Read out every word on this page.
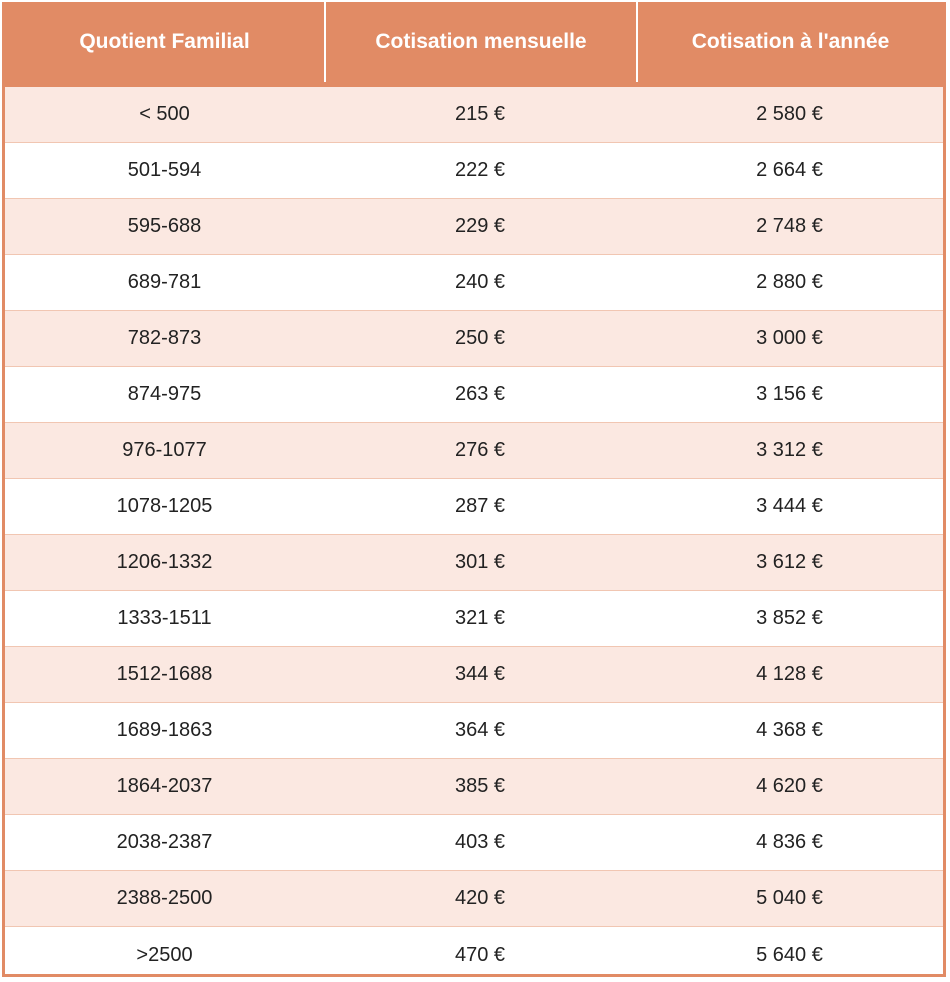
Quotient Familial	Cotisation mensuelle	Cotisation à l'année
< 500	215 €	2 580 €
501-594	222 €	2 664 €
595-688	229 €	2 748 €
689-781	240 €	2 880 €
782-873	250 €	3 000 €
874-975	263 €	3 156 €
976-1077	276 €	3 312 €
1078-1205	287 €	3 444 €
1206-1332	301 €	3 612 €
1333-1511	321 €	3 852 €
1512-1688	344 €	4 128 €
1689-1863	364 €	4 368 €
1864-2037	385 €	4 620 €
2038-2387	403 €	4 836 €
2388-2500	420 €	5 040 €
>2500	470 €	5 640 €
